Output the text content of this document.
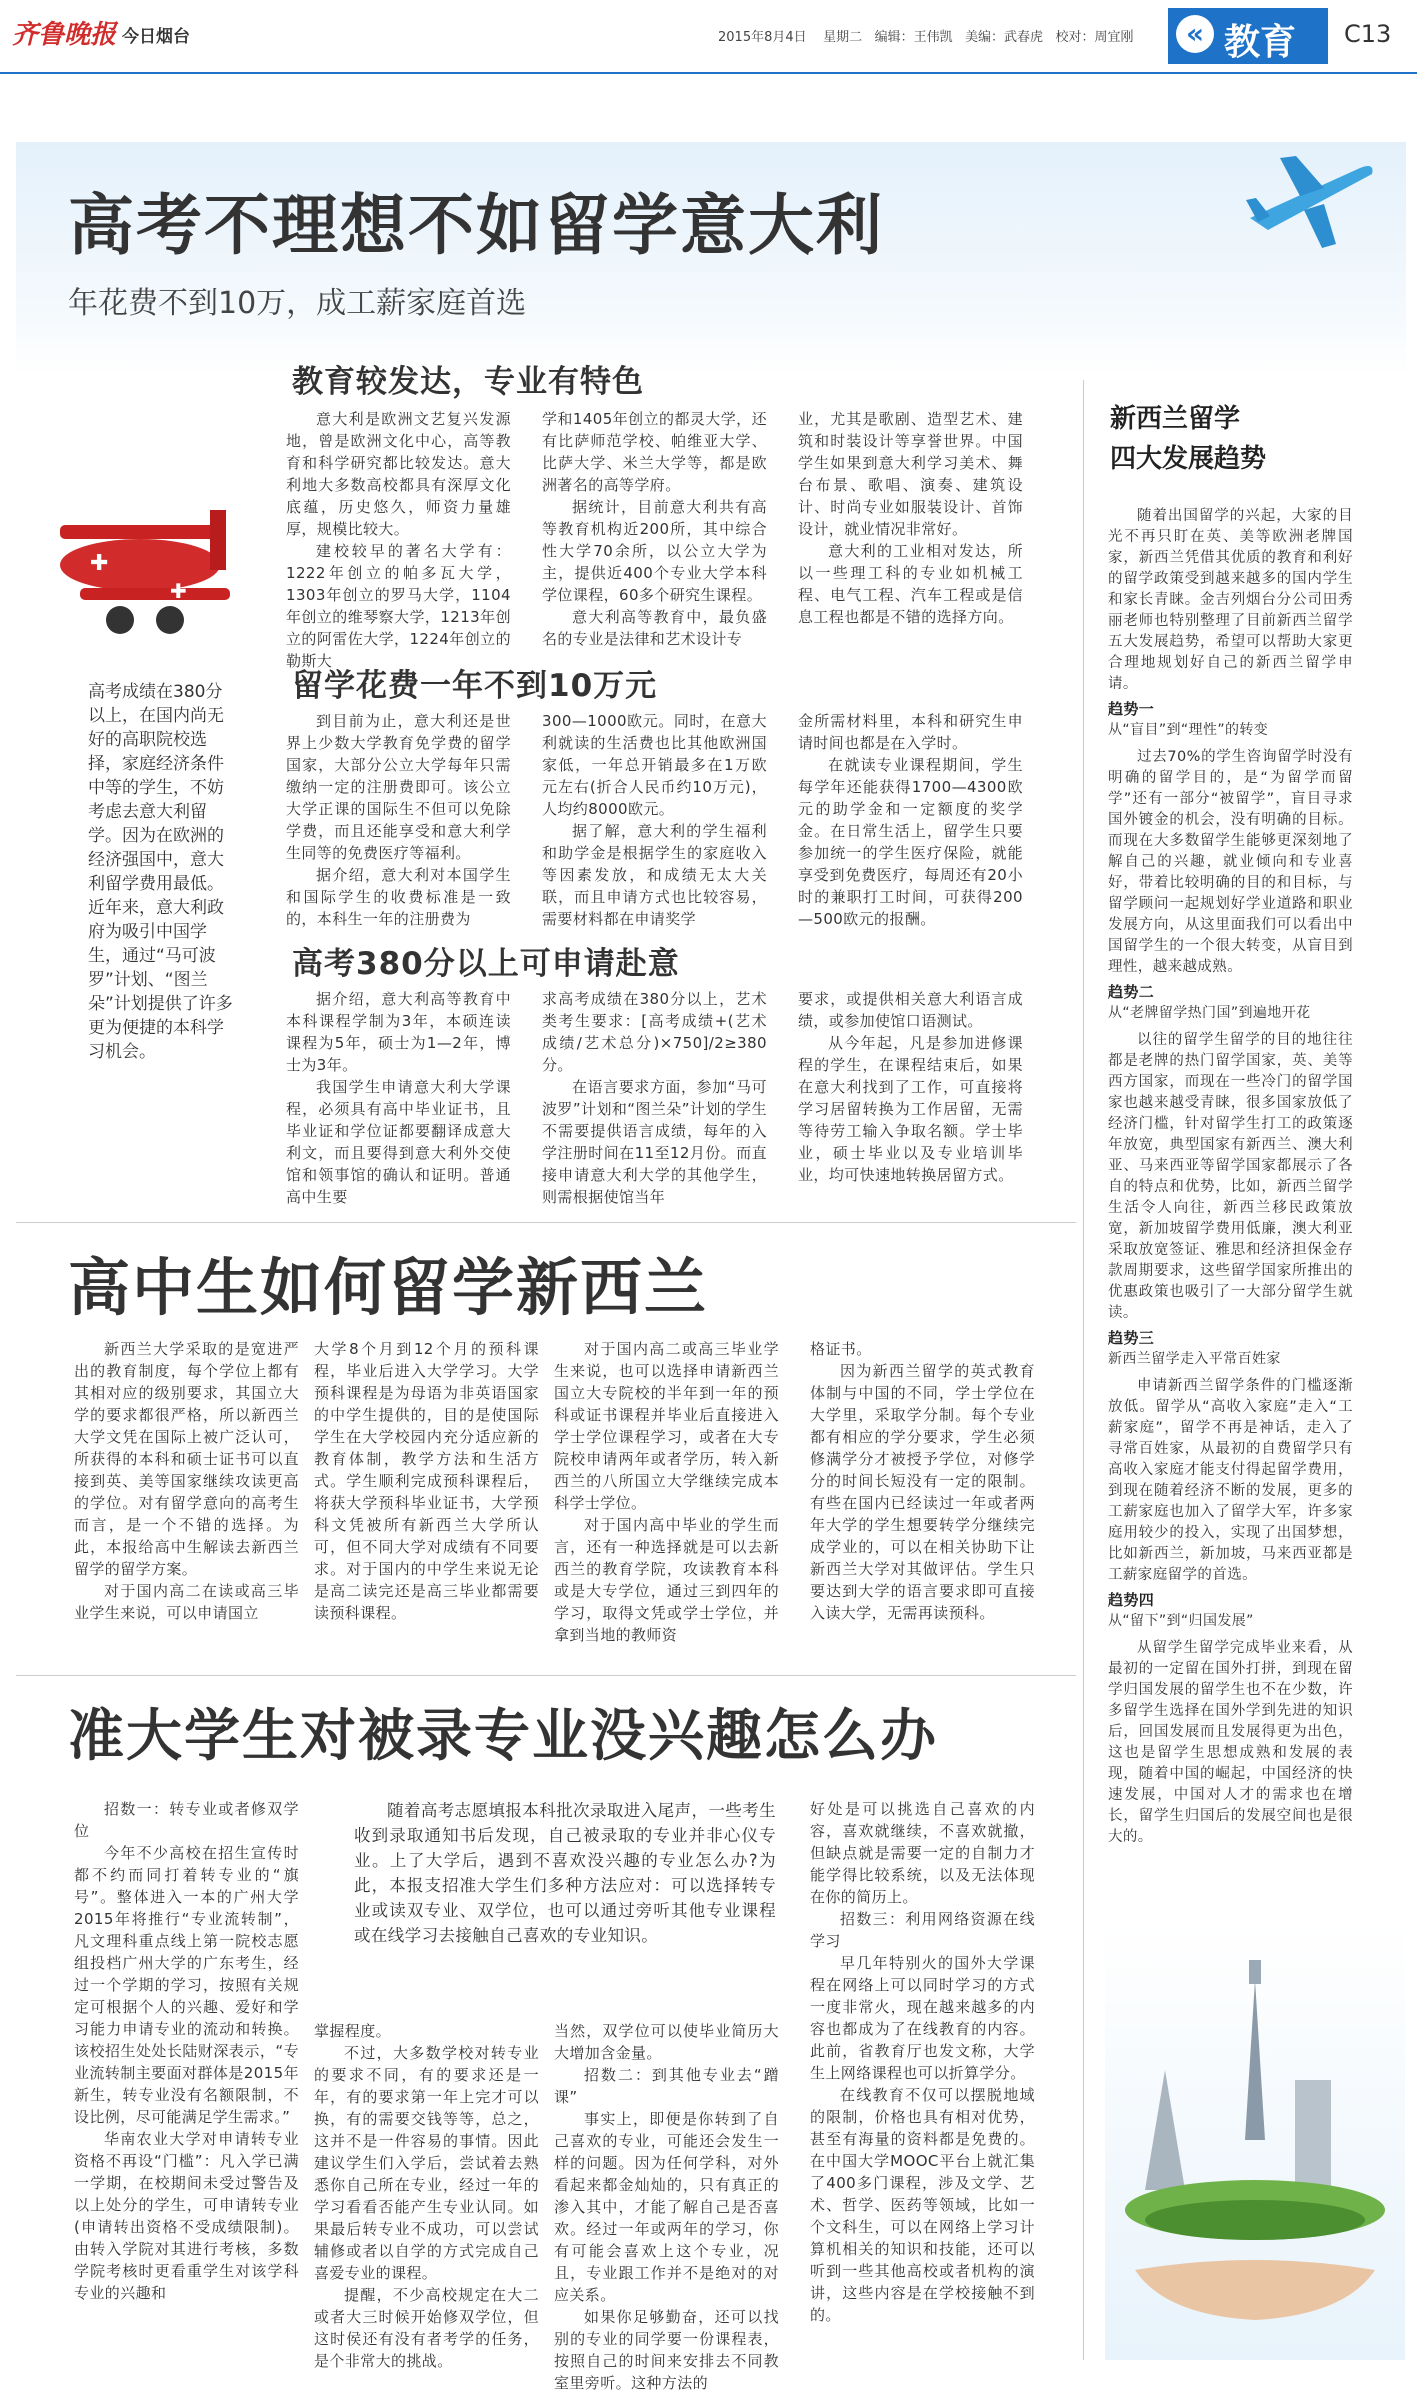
齐鲁晚报 今日烟台	2015年8月4日 星期二 编辑：王伟凯 美编：武春虎 校对：周宜刚	« 教育 C13
高考不理想不如留学意大利
年花费不到10万，成工薪家庭首选
✚
✚
高考成绩在380分以上，在国内尚无好的高职院校选择，家庭经济条件中等的学生，不妨考虑去意大利留学。因为在欧洲的经济强国中，意大利留学费用最低。近年来，意大利政府为吸引中国学生，通过“马可波罗”计划、“图兰朵”计划提供了许多更为便捷的本科学习机会。
教育较发达，专业有特色

意大利是欧洲文艺复兴发源地，曾是欧洲文化中心，高等教育和科学研究都比较发达。意大利地大多数高校都具有深厚文化底蕴，历史悠久，师资力量雄厚，规模比较大。

建校较早的著名大学有：1222年创立的帕多瓦大学，1303年创立的罗马大学，1104年创立的维琴察大学，1213年创立的阿雷佐大学，1224年创立的勒斯大

学和1405年创立的都灵大学，还有比萨师范学校、帕维亚大学、比萨大学、米兰大学等，都是欧洲著名的高等学府。

据统计，目前意大利共有高等教育机构近200所，其中综合性大学70余所，以公立大学为主，提供近400个专业大学本科学位课程，60多个研究生课程。

意大利高等教育中，最负盛名的专业是法律和艺术设计专

业，尤其是歌剧、造型艺术、建筑和时装设计等享誉世界。中国学生如果到意大利学习美术、舞台布景、歌唱、演奏、建筑设计、时尚专业如服装设计、首饰设计，就业情况非常好。

意大利的工业相对发达，所以一些理工科的专业如机械工程、电气工程、汽车工程或是信息工程也都是不错的选择方向。

留学花费一年不到10万元

到目前为止，意大利还是世界上少数大学教育免学费的留学国家，大部分公立大学每年只需缴纳一定的注册费即可。该公立大学正课的国际生不但可以免除学费，而且还能享受和意大利学生同等的免费医疗等福利。

据介绍，意大利对本国学生和国际学生的收费标准是一致的，本科生一年的注册费为

300—1000欧元。同时，在意大利就读的生活费也比其他欧洲国家低，一年总开销最多在1万欧元左右(折合人民币约10万元)，人均约8000欧元。

据了解，意大利的学生福利和助学金是根据学生的家庭收入等因素发放，和成绩无太大关联，而且申请方式也比较容易，需要材料都在申请奖学

金所需材料里，本科和研究生申请时间也都是在入学时。

在就读专业课程期间，学生每学年还能获得1700—4300欧元的助学金和一定额度的奖学金。在日常生活上，留学生只要参加统一的学生医疗保险，就能享受到免费医疗，每周还有20小时的兼职打工时间，可获得200—500欧元的报酬。

高考380分以上可申请赴意

据介绍，意大利高等教育中本科课程学制为3年，本硕连读课程为5年，硕士为1—2年，博士为3年。

我国学生申请意大利大学课程，必须具有高中毕业证书，且毕业证和学位证都要翻译成意大利文，而且要得到意大利外交使馆和领事馆的确认和证明。普通高中生要

求高考成绩在380分以上，艺术类考生要求：[高考成绩+(艺术成绩/艺术总分)×750]/2≥380分。

在语言要求方面，参加“马可波罗”计划和“图兰朵”计划的学生不需要提供语言成绩，每年的入学注册时间在11至12月份。而直接申请意大利大学的其他学生，则需根据使馆当年

要求，或提供相关意大利语言成绩，或参加使馆口语测试。

从今年起，凡是参加进修课程的学生，在课程结束后，如果在意大利找到了工作，可直接将学习居留转换为工作居留，无需等待劳工输入争取名额。学士毕业，硕士毕业以及专业培训毕业，均可快速地转换居留方式。

新西兰留学
四大发展趋势

随着出国留学的兴起，大家的目光不再只盯在英、美等欧洲老牌国家，新西兰凭借其优质的教育和利好的留学政策受到越来越多的国内学生和家长青睐。金吉列烟台分公司田秀丽老师也特别整理了目前新西兰留学五大发展趋势，希望可以帮助大家更合理地规划好自己的新西兰留学申请。

趋势一
从“盲目”到“理性”的转变

过去70%的学生咨询留学时没有明确的留学目的，是“为留学而留学”还有一部分“被留学”，盲目寻求国外镀金的机会，没有明确的目标。而现在大多数留学生能够更深刻地了解自己的兴趣，就业倾向和专业喜好，带着比较明确的目的和目标，与留学顾问一起规划好学业道路和职业发展方向，从这里面我们可以看出中国留学生的一个很大转变，从盲目到理性，越来越成熟。

趋势二
从“老牌留学热门国”到遍地开花

以往的留学生留学的目的地往往都是老牌的热门留学国家，英、美等西方国家，而现在一些冷门的留学国家也越来越受青睐，很多国家放低了经济门槛，针对留学生打工的政策逐年放宽，典型国家有新西兰、澳大利亚、马来西亚等留学国家都展示了各自的特点和优势，比如，新西兰留学生活令人向往，新西兰移民政策放宽，新加坡留学费用低廉，澳大利亚采取放宽签证、雅思和经济担保金存款周期要求，这些留学国家所推出的优惠政策也吸引了一大部分留学生就读。

趋势三
新西兰留学走入平常百姓家

申请新西兰留学条件的门槛逐渐放低。留学从“高收入家庭”走入“工薪家庭”，留学不再是神话，走入了寻常百姓家，从最初的自费留学只有高收入家庭才能支付得起留学费用，到现在随着经济不断的发展，更多的工薪家庭也加入了留学大军，许多家庭用较少的投入，实现了出国梦想，比如新西兰，新加坡，马来西亚都是工薪家庭留学的首选。

趋势四
从“留下”到“归国发展”

从留学生留学完成毕业来看，从最初的一定留在国外打拼，到现在留学归国发展的留学生也不在少数，许多留学生选择在国外学到先进的知识后，回国发展而且发展得更为出色，这也是留学生思想成熟和发展的表现，随着中国的崛起，中国经济的快速发展，中国对人才的需求也在增长，留学生归国后的发展空间也是很大的。

高中生如何留学新西兰

新西兰大学采取的是宽进严出的教育制度，每个学位上都有其相对应的级别要求，其国立大学的要求都很严格，所以新西兰大学文凭在国际上被广泛认可，所获得的本科和硕士证书可以直接到英、美等国家继续攻读更高的学位。对有留学意向的高考生而言，是一个不错的选择。为此，本报给高中生解读去新西兰留学的留学方案。

对于国内高二在读或高三毕业学生来说，可以申请国立

大学8个月到12个月的预科课程，毕业后进入大学学习。大学预科课程是为母语为非英语国家的中学生提供的，目的是使国际学生在大学校园内充分适应新的教育体制，教学方法和生活方式。学生顺利完成预科课程后，将获大学预科毕业证书，大学预科文凭被所有新西兰大学所认可，但不同大学对成绩有不同要求。对于国内的中学生来说无论是高二读完还是高三毕业都需要读预科课程。

对于国内高二或高三毕业学生来说，也可以选择申请新西兰国立大专院校的半年到一年的预科或证书课程并毕业后直接进入学士学位课程学习，或者在大专院校申请两年或者学历，转入新西兰的八所国立大学继续完成本科学士学位。

对于国内高中毕业的学生而言，还有一种选择就是可以去新西兰的教育学院，攻读教育本科或是大专学位，通过三到四年的学习，取得文凭或学士学位，并拿到当地的教师资

格证书。

因为新西兰留学的英式教育体制与中国的不同，学士学位在大学里，采取学分制。每个专业都有相应的学分要求，学生必须修满学分才被授予学位，对修学分的时间长短没有一定的限制。有些在国内已经读过一年或者两年大学的学生想要转学分继续完成学业的，可以在相关协助下让新西兰大学对其做评估。学生只要达到大学的语言要求即可直接入读大学，无需再读预科。

准大学生对被录专业没兴趣怎么办

随着高考志愿填报本科批次录取进入尾声，一些考生收到录取通知书后发现，自己被录取的专业并非心仪专业。上了大学后，遇到不喜欢没兴趣的专业怎么办?为此，本报支招准大学生们多种方法应对：可以选择转专业或读双专业、双学位，也可以通过旁听其他专业课程或在线学习去接触自己喜欢的专业知识。

招数一：转专业或者修双学位

今年不少高校在招生宣传时都不约而同打着转专业的“旗号”。整体进入一本的广州大学2015年将推行“专业流转制”，凡文理科重点线上第一院校志愿组投档广州大学的广东考生，经过一个学期的学习，按照有关规定可根据个人的兴趣、爱好和学习能力申请专业的流动和转换。该校招生处处长陆财深表示，“专业流转制主要面对群体是2015年新生，转专业没有名额限制，不设比例，尽可能满足学生需求。”

华南农业大学对申请转专业资格不再设“门槛”：凡入学已满一学期，在校期间未受过警告及以上处分的学生，可申请转专业(申请转出资格不受成绩限制)。由转入学院对其进行考核，多数学院考核时更看重学生对该学科专业的兴趣和

掌握程度。

不过，大多数学校对转专业的要求不同，有的要求还是一年，有的要求第一年上完才可以换，有的需要交钱等等，总之，这并不是一件容易的事情。因此建议学生们入学后，尝试着去熟悉你自己所在专业，经过一年的学习看看否能产生专业认同。如果最后转专业不成功，可以尝试辅修或者以自学的方式完成自己喜爱专业的课程。

提醒，不少高校规定在大二或者大三时候开始修双学位，但这时侯还有没有者考学的任务，是个非常大的挑战。

当然，双学位可以使毕业简历大大增加含金量。

招数二：到其他专业去“蹭课”

事实上，即便是你转到了自己喜欢的专业，可能还会发生一样的问题。因为任何学科，对外看起来都金灿灿的，只有真正的渗入其中，才能了解自己是否喜欢。经过一年或两年的学习，你有可能会喜欢上这个专业，况且，专业跟工作并不是绝对的对应关系。

如果你足够勤奋，还可以找别的专业的同学要一份课程表，按照自己的时间来安排去不同教室里旁听。这种方法的

好处是可以挑选自己喜欢的内容，喜欢就继续，不喜欢就撤，但缺点就是需要一定的自制力才能学得比较系统，以及无法体现在你的简历上。

招数三：利用网络资源在线学习

早几年特别火的国外大学课程在网络上可以同时学习的方式一度非常火，现在越来越多的内容也都成为了在线教育的内容。此前，省教育厅也发文称，大学生上网络课程也可以折算学分。

在线教育不仅可以摆脱地域的限制，价格也具有相对优势，甚至有海量的资料都是免费的。在中国大学MOOC平台上就汇集了400多门课程，涉及文学、艺术、哲学、医药等领域，比如一个文科生，可以在网络上学习计算机相关的知识和技能，还可以听到一些其他高校或者机构的演讲，这些内容是在学校接触不到的。
